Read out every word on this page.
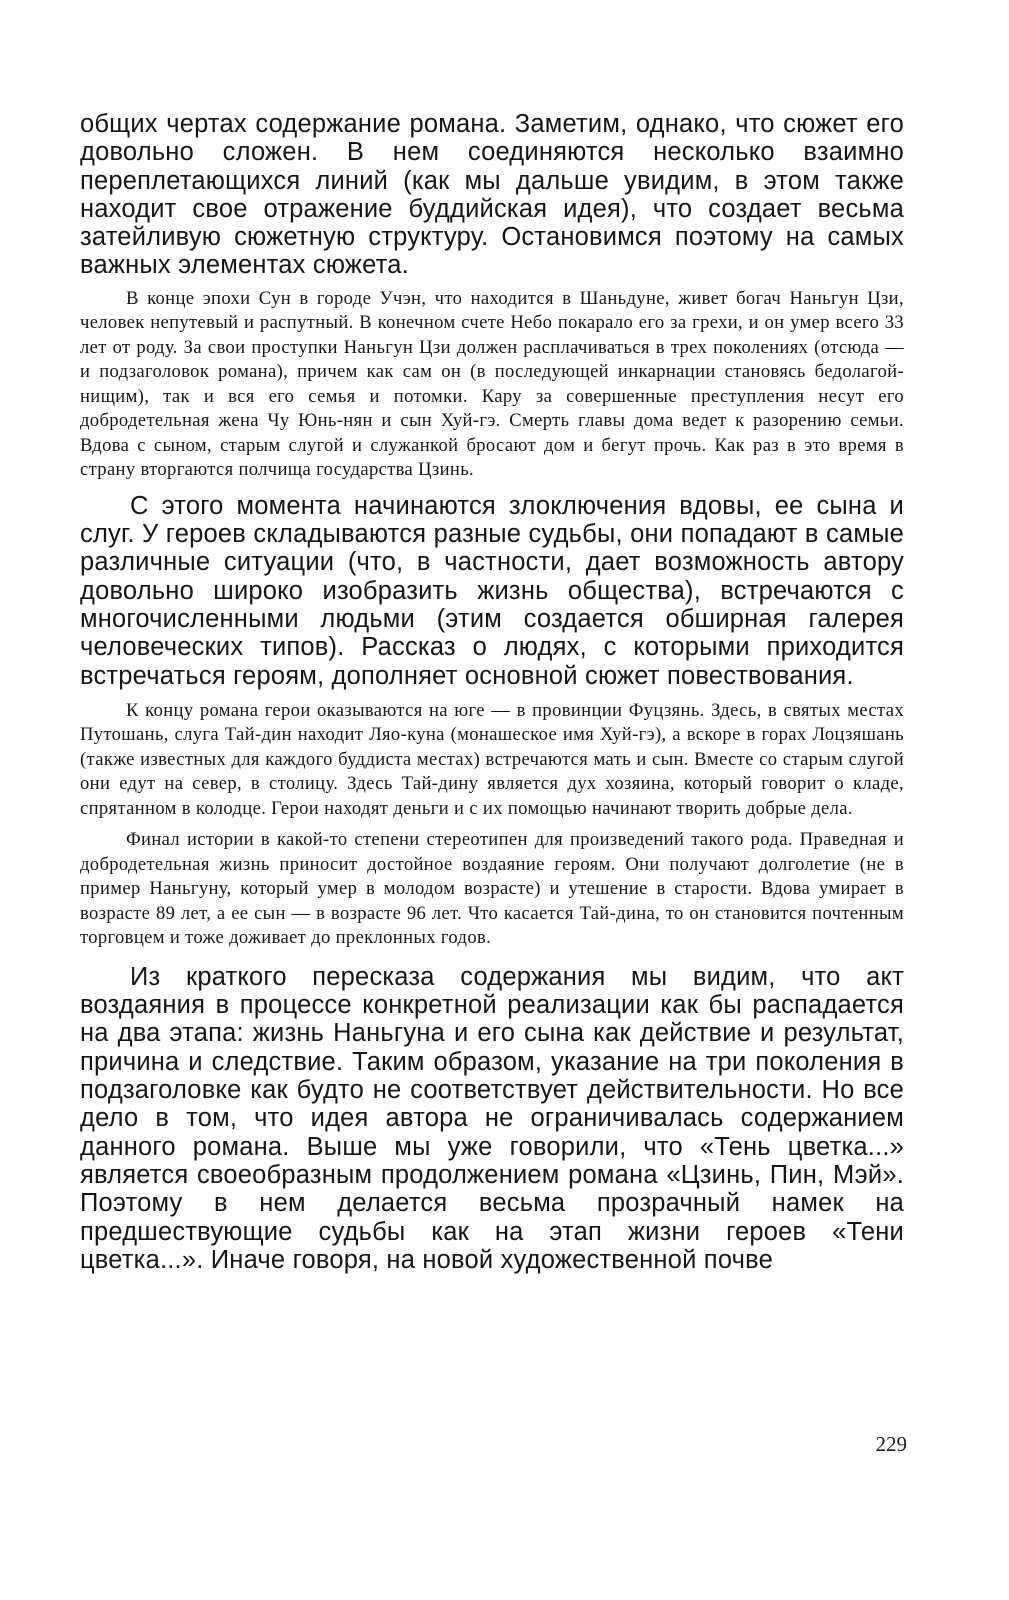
общих чертах содержание романа. Заметим, однако, что сюжет его довольно сложен. В нем соединяются несколько взаимно переплетающихся линий (как мы дальше увидим, в этом также находит свое отражение буддийская идея), что создает весьма затейливую сюжетную структуру. Остановимся поэтому на самых важных элементах сюжета.

В конце эпохи Сун в городе Учэн, что находится в Шаньдуне, живет богач Наньгун Цзи, человек непутевый и распутный. В конечном счете Небо покарало его за грехи, и он умер всего 33 лет от роду. За свои проступки Наньгун Цзи должен расплачиваться в трех поколениях (отсюда — и подзаголовок романа), причем как сам он (в последующей инкарнации становясь бедолагой-нищим), так и вся его семья и потомки. Кару за совершенные преступления несут его добродетельная жена Чу Юнь-нян и сын Хуй-гэ. Смерть главы дома ведет к разорению семьи. Вдова с сыном, старым слугой и служанкой бросают дом и бегут прочь. Как раз в это время в страну вторгаются полчища государства Цзинь.

С этого момента начинаются злоключения вдовы, ее сына и слуг. У героев складываются разные судьбы, они попадают в самые различные ситуации (что, в частности, дает возможность автору довольно широко изобразить жизнь общества), встречаются с многочисленными людьми (этим создается обширная галерея человеческих типов). Рассказ о людях, с которыми приходится встречаться героям, дополняет основной сюжет повествования.

К концу романа герои оказываются на юге — в провинции Фуцзянь. Здесь, в святых местах Путошань, слуга Тай-дин находит Ляо-куна (монашеское имя Хуй-гэ), а вскоре в горах Лоцзяшань (также известных для каждого буддиста местах) встречаются мать и сын. Вместе со старым слугой они едут на север, в столицу. Здесь Тай-дину является дух хозяина, который говорит о кладе, спрятанном в колодце. Герои находят деньги и с их помощью начинают творить добрые дела.

Финал истории в какой-то степени стереотипен для произведений такого рода. Праведная и добродетельная жизнь приносит достойное воздаяние героям. Они получают долголетие (не в пример Наньгуну, который умер в молодом возрасте) и утешение в старости. Вдова умирает в возрасте 89 лет, а ее сын — в возрасте 96 лет. Что касается Тай-дина, то он становится почтенным торговцем и тоже доживает до преклонных годов.

Из краткого пересказа содержания мы видим, что акт воздаяния в процессе конкретной реализации как бы распадается на два этапа: жизнь Наньгуна и его сына как действие и результат, причина и следствие. Таким образом, указание на три поколения в подзаголовке как будто не соответствует действительности. Но все дело в том, что идея автора не ограничивалась содержанием данного романа. Выше мы уже говорили, что «Тень цветка...» является своеобразным продолжением романа «Цзинь, Пин, Мэй». Поэтому в нем делается весьма прозрачный намек на предшествующие судьбы как на этап жизни героев «Тени цветка...». Иначе говоря, на новой художественной почве

229
